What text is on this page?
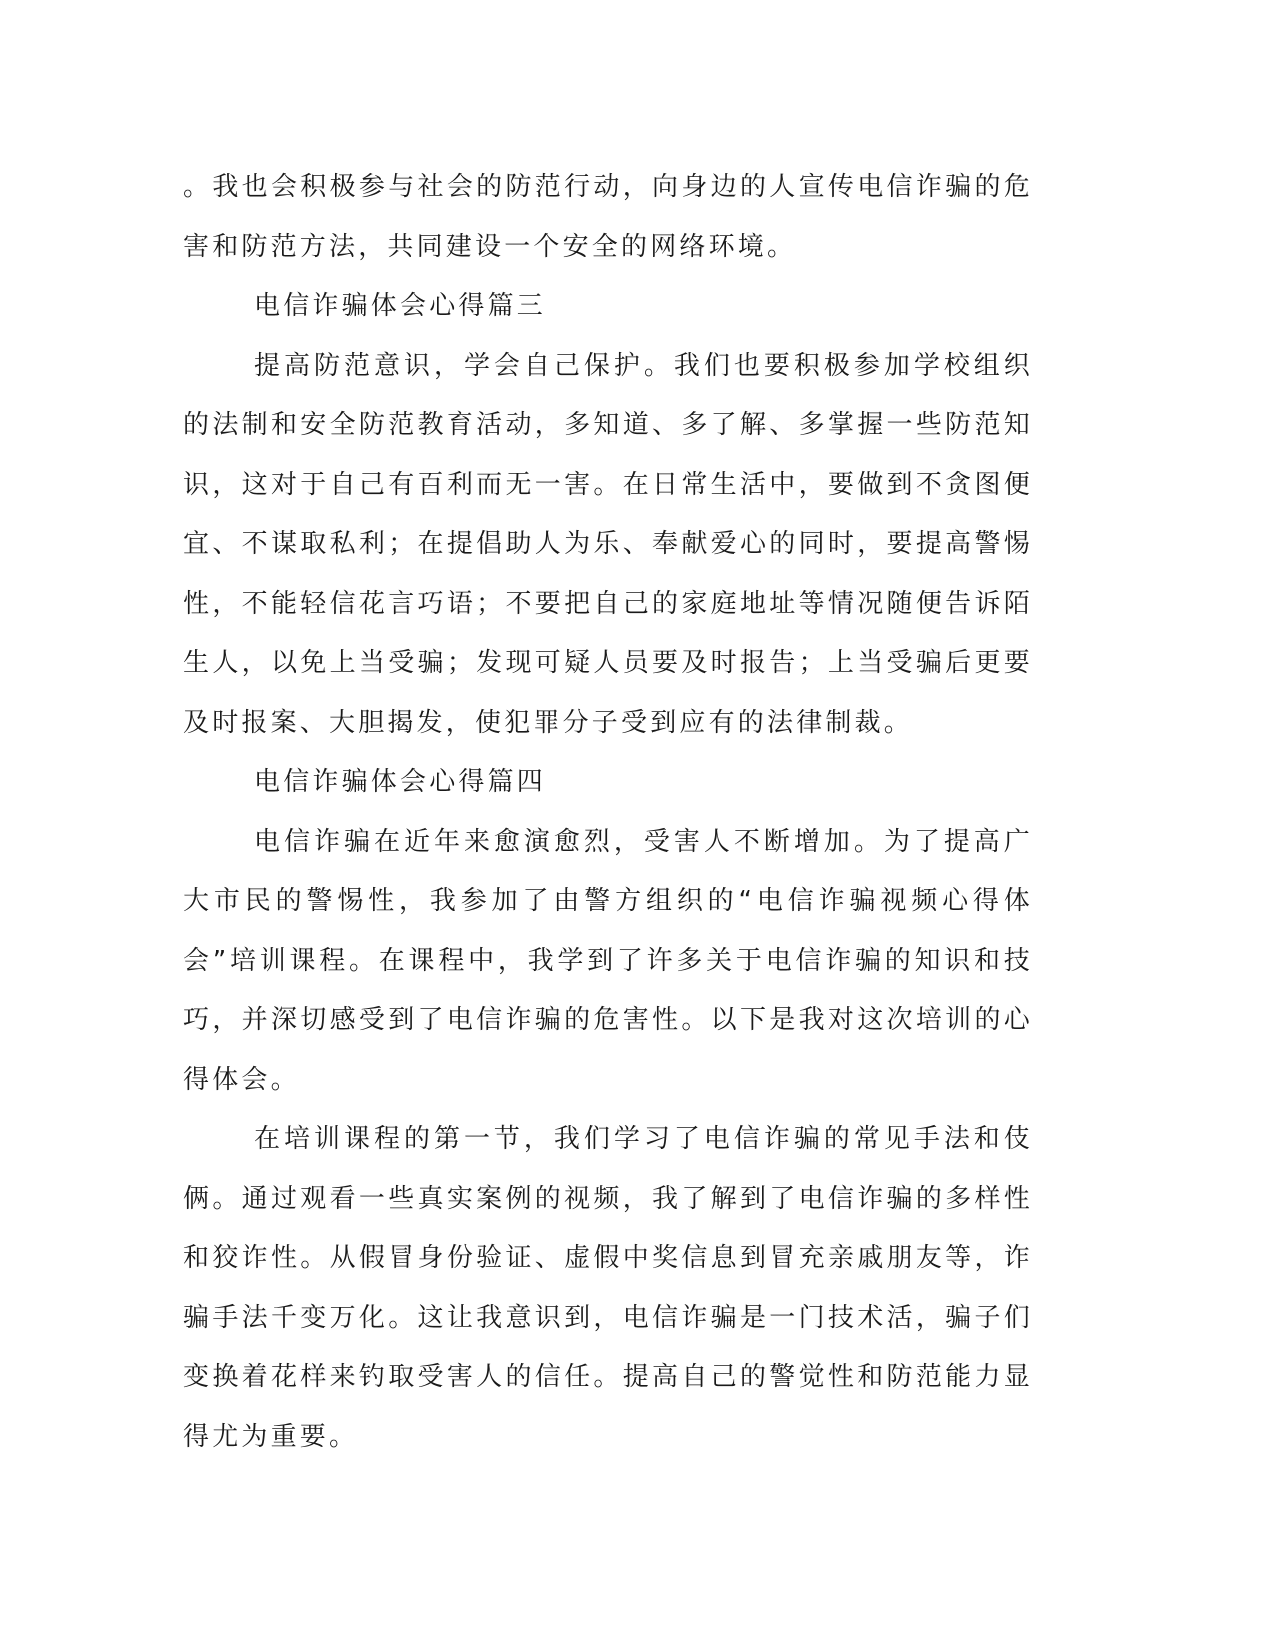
。我也会积极参与社会的防范行动，向身边的人宣传电信诈骗的危害和防范方法，共同建设一个安全的网络环境。

电信诈骗体会心得篇三

提高防范意识，学会自己保护。我们也要积极参加学校组织的法制和安全防范教育活动，多知道、多了解、多掌握一些防范知识，这对于自己有百利而无一害。在日常生活中，要做到不贪图便宜、不谋取私利；在提倡助人为乐、奉献爱心的同时，要提高警惕性，不能轻信花言巧语；不要把自己的家庭地址等情况随便告诉陌生人，以免上当受骗；发现可疑人员要及时报告；上当受骗后更要及时报案、大胆揭发，使犯罪分子受到应有的法律制裁。

电信诈骗体会心得篇四

电信诈骗在近年来愈演愈烈，受害人不断增加。为了提高广大市民的警惕性，我参加了由警方组织的“电信诈骗视频心得体会”培训课程。在课程中，我学到了许多关于电信诈骗的知识和技巧，并深切感受到了电信诈骗的危害性。以下是我对这次培训的心得体会。

在培训课程的第一节，我们学习了电信诈骗的常见手法和伎俩。通过观看一些真实案例的视频，我了解到了电信诈骗的多样性和狡诈性。从假冒身份验证、虚假中奖信息到冒充亲戚朋友等，诈骗手法千变万化。这让我意识到，电信诈骗是一门技术活，骗子们变换着花样来钓取受害人的信任。提高自己的警觉性和防范能力显得尤为重要。
